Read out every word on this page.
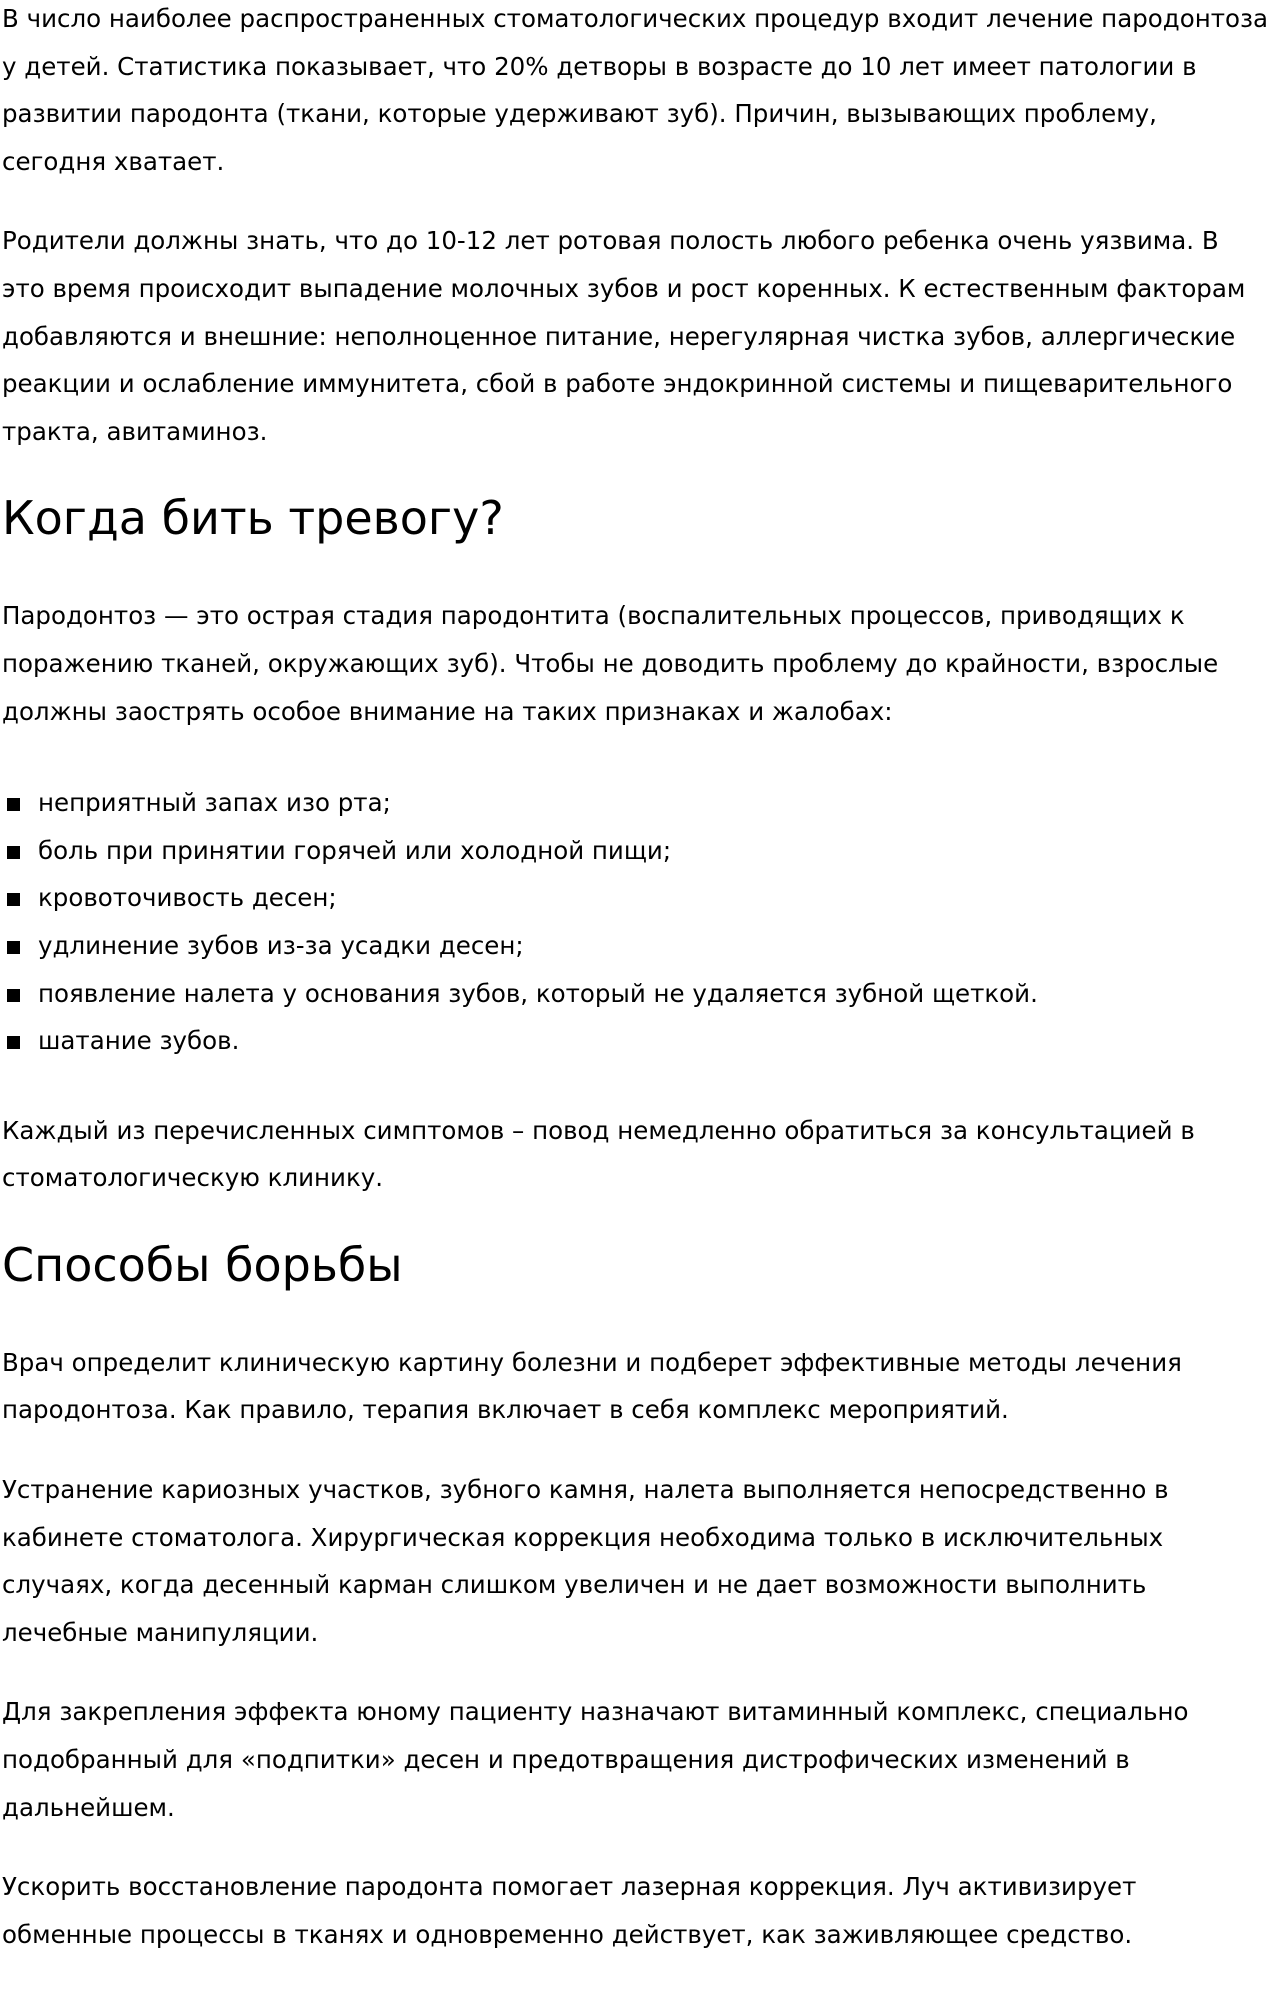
В число наиболее распространенных стоматологических процедур входит лечение пародонтоза у детей. Статистика показывает, что 20% детворы в возрасте до 10 лет имеет патологии в развитии пародонта (ткани, которые удерживают зуб). Причин, вызывающих проблему, сегодня хватает.

Родители должны знать, что до 10-12 лет ротовая полость любого ребенка очень уязвима. В это время происходит выпадение молочных зубов и рост коренных. К естественным факторам добавляются и внешние: неполноценное питание, нерегулярная чистка зубов, аллергические реакции и ослабление иммунитета, сбой в работе эндокринной системы и пищеварительного тракта, авитаминоз.

Когда бить тревогу?

Пародонтоз — это острая стадия пародонтита (воспалительных процессов, приводящих к поражению тканей, окружающих зуб). Чтобы не доводить проблему до крайности, взрослые должны заострять особое внимание на таких признаках и жалобах:

неприятный запах изо рта;
боль при принятии горячей или холодной пищи;
кровоточивость десен;
удлинение зубов из-за усадки десен;
появление налета у основания зубов, который не удаляется зубной щеткой.
шатание зубов.

Каждый из перечисленных симптомов – повод немедленно обратиться за консультацией в стоматологическую клинику.

Способы борьбы

Врач определит клиническую картину болезни и подберет эффективные методы лечения пародонтоза. Как правило, терапия включает в себя комплекс мероприятий.

Устранение кариозных участков, зубного камня, налета выполняется непосредственно в кабинете стоматолога. Хирургическая коррекция необходима только в исключительных случаях, когда десенный карман слишком увеличен и не дает возможности выполнить лечебные манипуляции.

Для закрепления эффекта юному пациенту назначают витаминный комплекс, специально подобранный для «подпитки» десен и предотвращения дистрофических изменений в дальнейшем.

Ускорить восстановление пародонта помогает лазерная коррекция. Луч активизирует обменные процессы в тканях и одновременно действует, как заживляющее средство.
